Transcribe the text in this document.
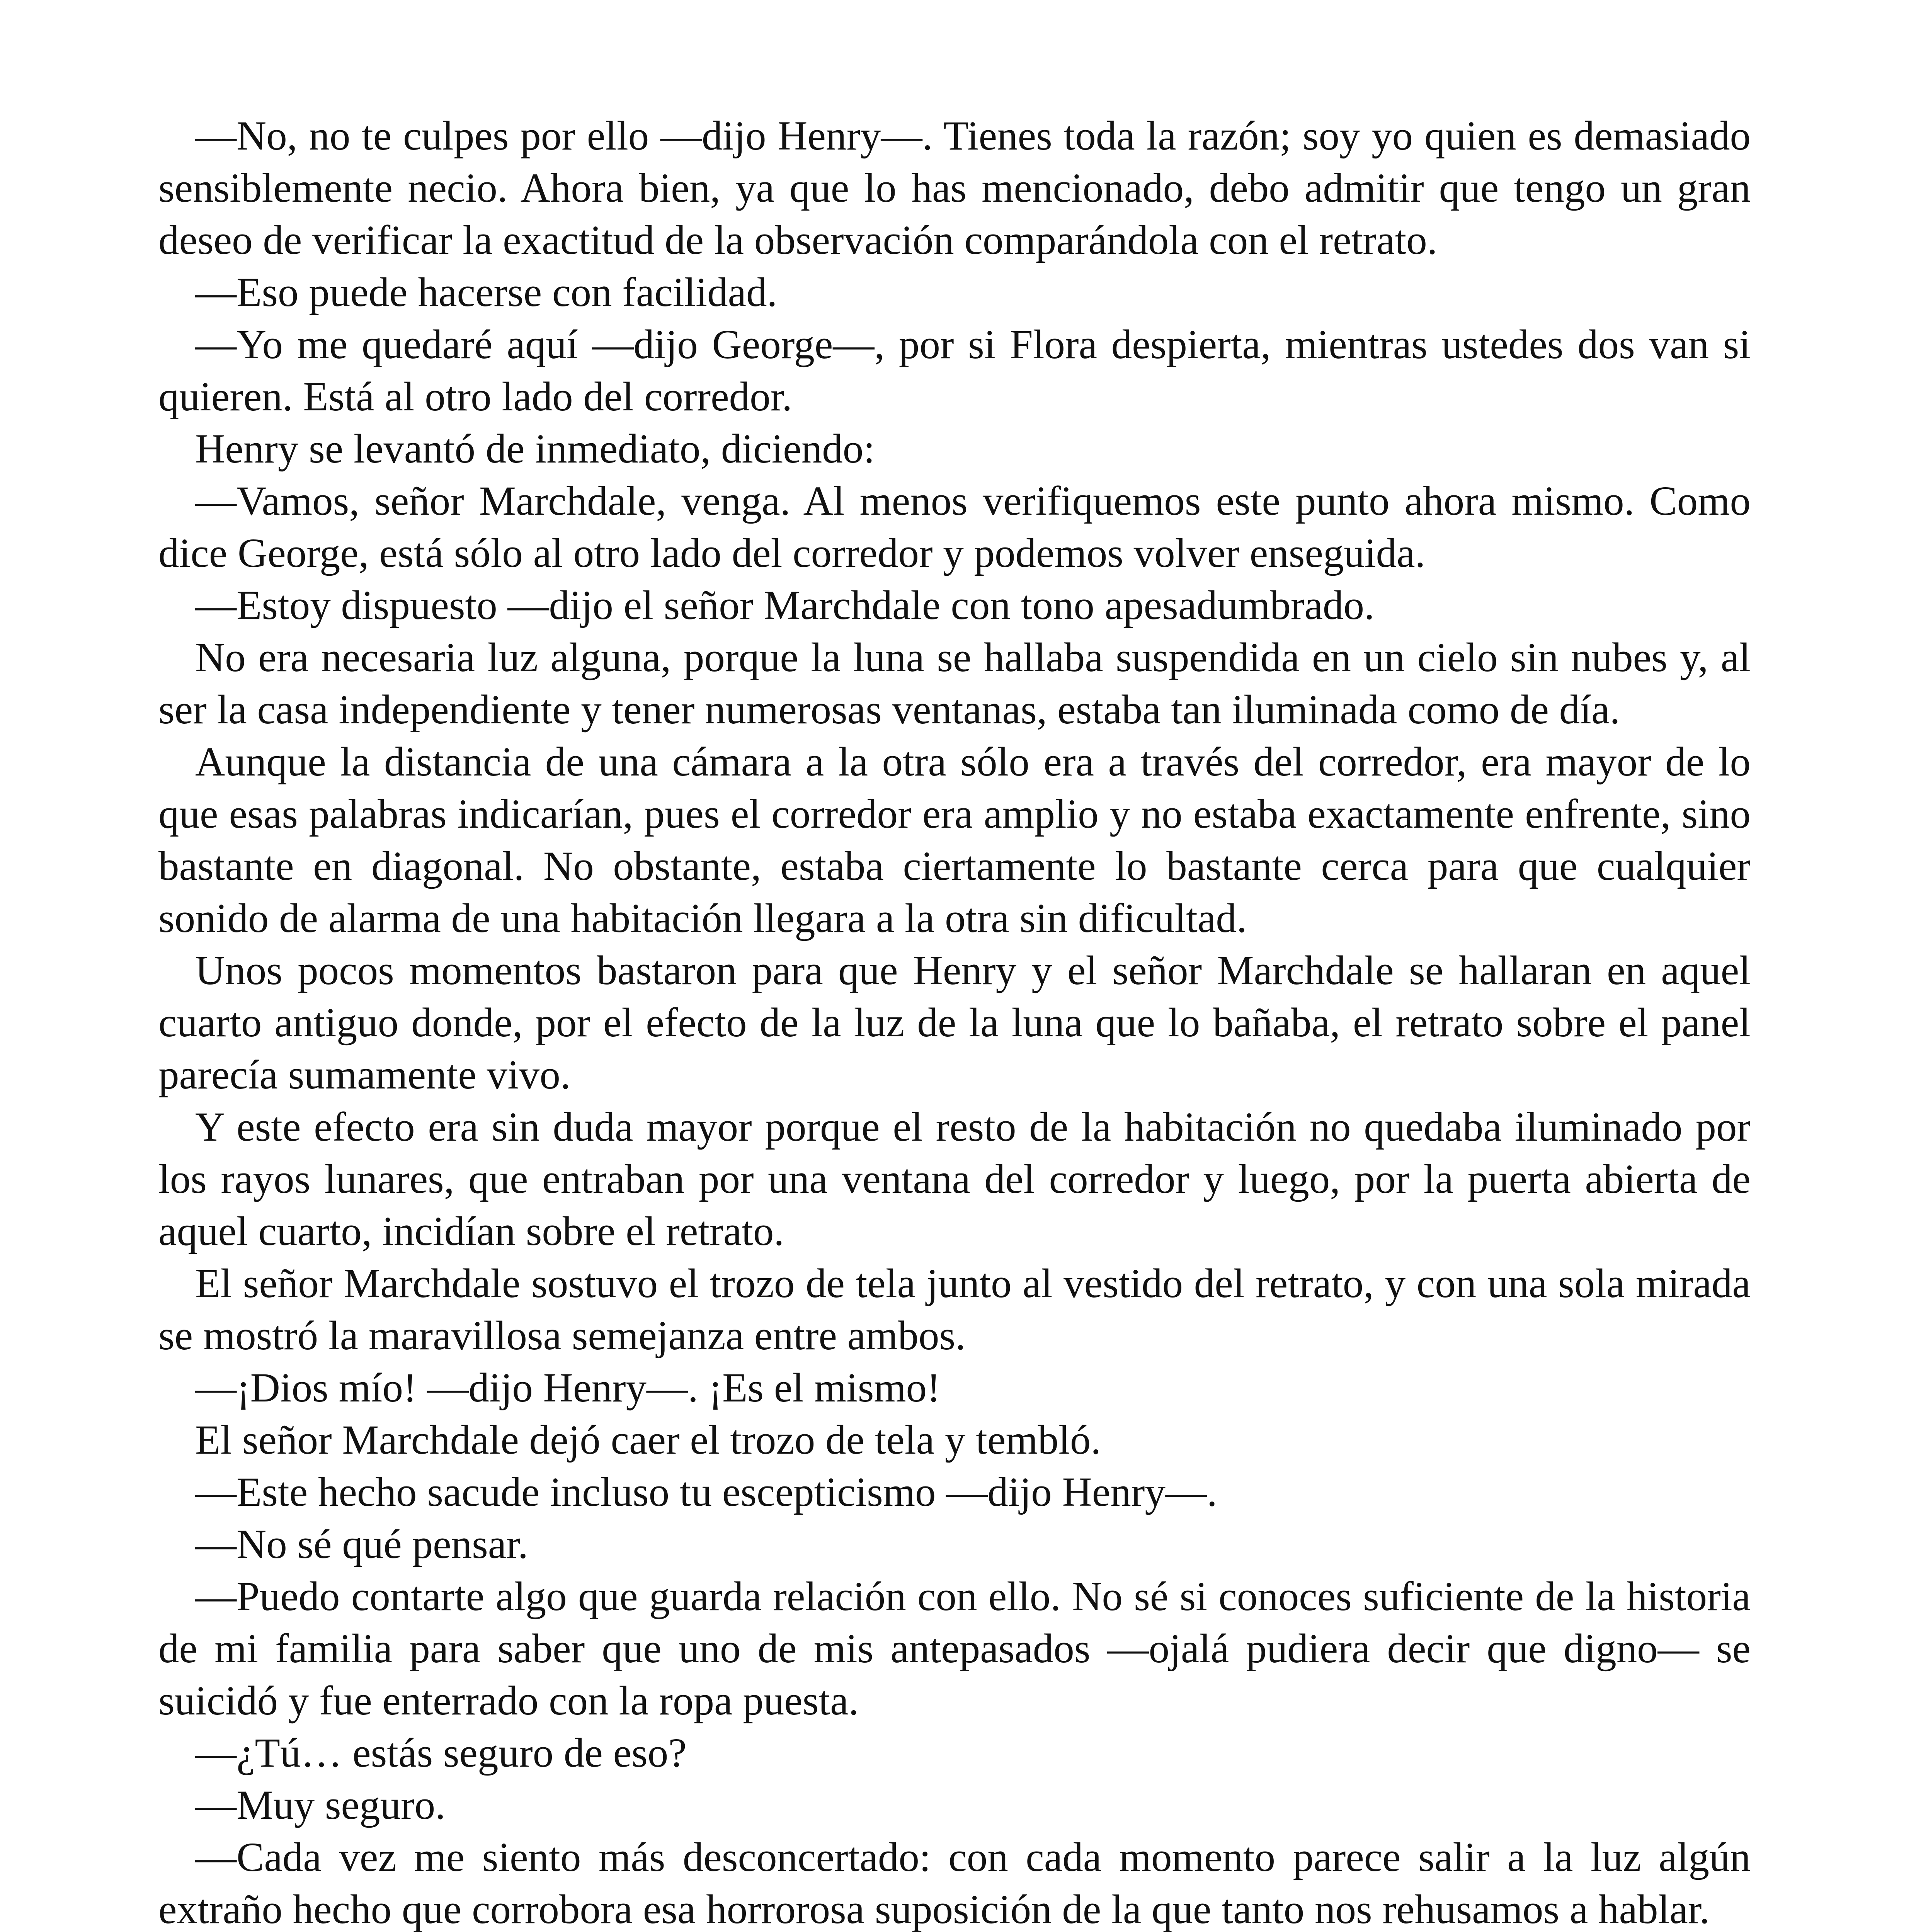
—No, no te culpes por ello —dijo Henry—. Tienes toda la razón; soy yo quien es demasiado sensiblemente necio. Ahora bien, ya que lo has mencionado, debo admitir que tengo un gran deseo de verificar la exactitud de la observación comparándola con el retrato.

—Eso puede hacerse con facilidad.

—Yo me quedaré aquí —dijo George—, por si Flora despierta, mientras ustedes dos van si quieren. Está al otro lado del corredor.

Henry se levantó de inmediato, diciendo:

—Vamos, señor Marchdale, venga. Al menos verifiquemos este punto ahora mismo. Como dice George, está sólo al otro lado del corredor y podemos volver enseguida.

—Estoy dispuesto —dijo el señor Marchdale con tono apesadumbrado.

No era necesaria luz alguna, porque la luna se hallaba suspendida en un cielo sin nubes y, al ser la casa independiente y tener numerosas ventanas, estaba tan iluminada como de día.

Aunque la distancia de una cámara a la otra sólo era a través del corredor, era mayor de lo que esas palabras indicarían, pues el corredor era amplio y no estaba exactamente enfrente, sino bastante en diagonal. No obstante, estaba ciertamente lo bastante cerca para que cualquier sonido de alarma de una habitación llegara a la otra sin dificultad.

Unos pocos momentos bastaron para que Henry y el señor Marchdale se hallaran en aquel cuarto antiguo donde, por el efecto de la luz de la luna que lo bañaba, el retrato sobre el panel parecía sumamente vivo.

Y este efecto era sin duda mayor porque el resto de la habitación no quedaba iluminado por los rayos lunares, que entraban por una ventana del corredor y luego, por la puerta abierta de aquel cuarto, incidían sobre el retrato.

El señor Marchdale sostuvo el trozo de tela junto al vestido del retrato, y con una sola mirada se mostró la maravillosa semejanza entre ambos.

—¡Dios mío! —dijo Henry—. ¡Es el mismo!

El señor Marchdale dejó caer el trozo de tela y tembló.

—Este hecho sacude incluso tu escepticismo —dijo Henry—.

—No sé qué pensar.

—Puedo contarte algo que guarda relación con ello. No sé si conoces suficiente de la historia de mi familia para saber que uno de mis antepasados —ojalá pudiera decir que digno— se suicidó y fue enterrado con la ropa puesta.

—¿Tú… estás seguro de eso?

—Muy seguro.

—Cada vez me siento más desconcertado: con cada momento parece salir a la luz algún extraño hecho que corrobora esa horrorosa suposición de la que tanto nos rehusamos a hablar.
